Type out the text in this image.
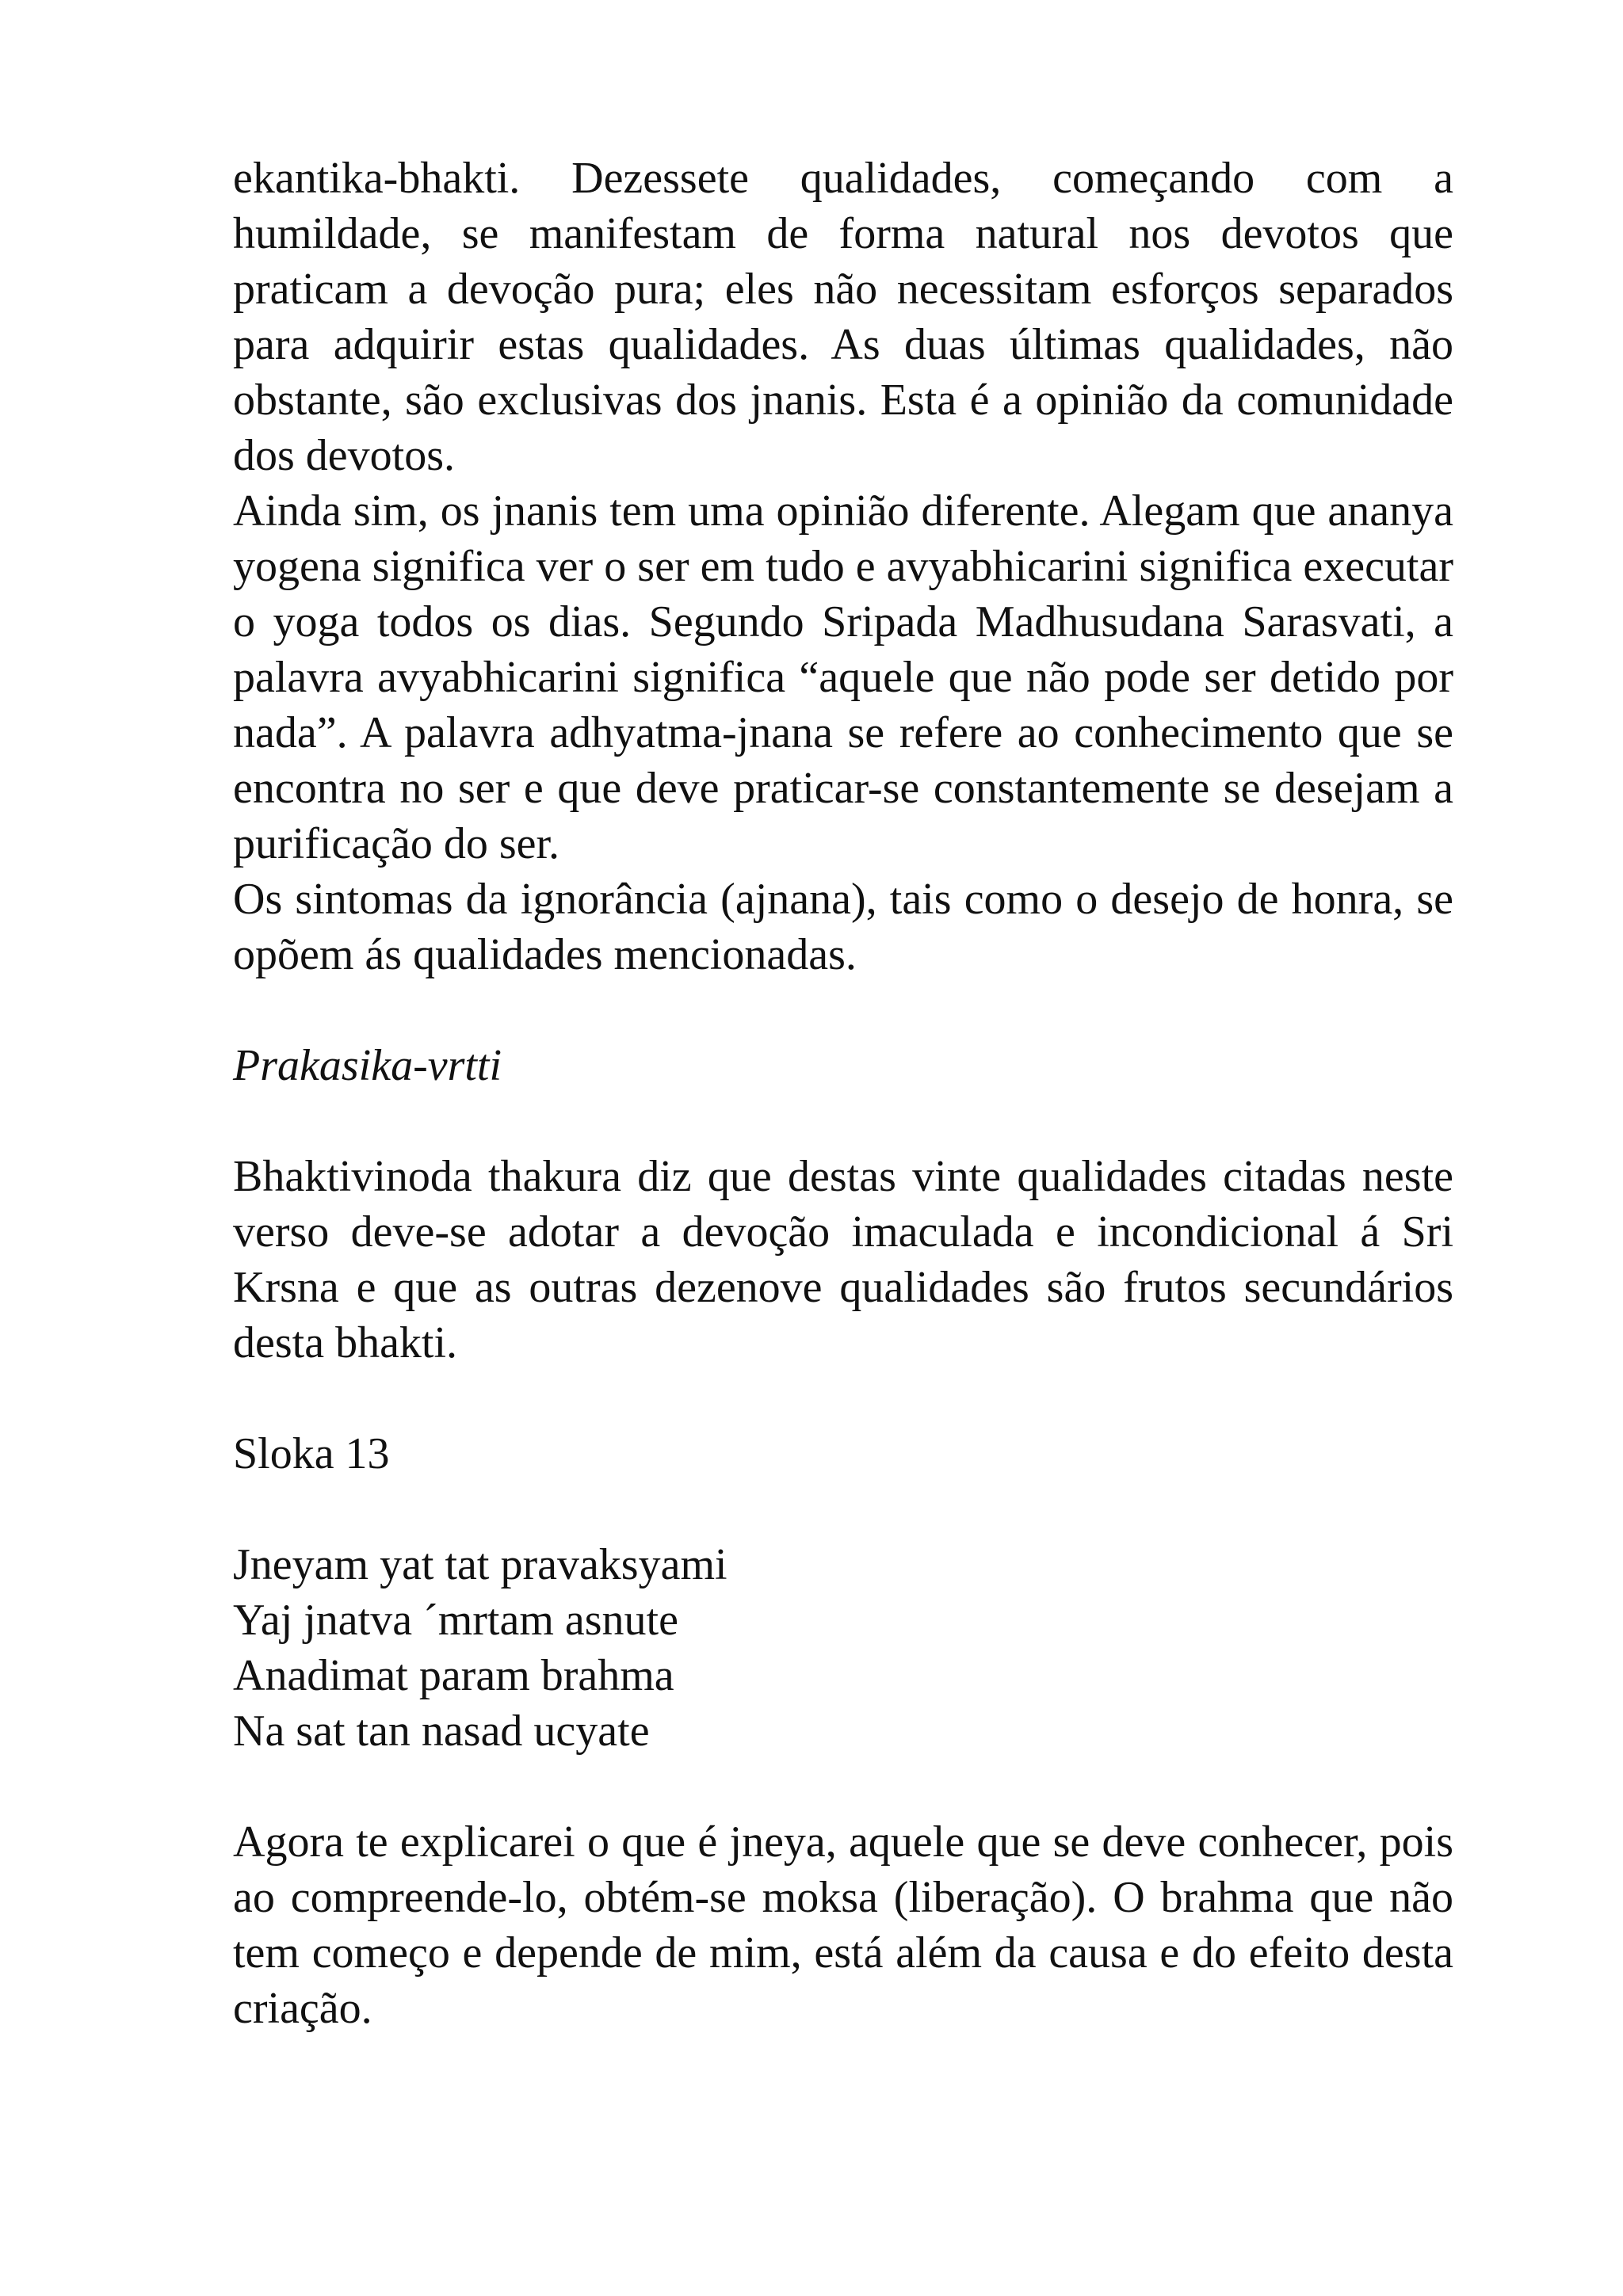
ekantika-bhakti. Dezessete qualidades, começando com a humildade, se manifestam de forma natural nos devotos que praticam a devoção pura; eles não necessitam esforços separados para adquirir estas qualidades. As duas últimas qualidades, não obstante, são exclusivas dos jnanis. Esta é a opinião da comunidade dos devotos.

Ainda sim, os jnanis tem uma opinião diferente. Alegam que ananya yogena significa ver o ser em tudo e avyabhicarini significa executar o yoga todos os dias. Segundo Sripada Madhusudana Sarasvati, a palavra avyabhicarini significa “aquele que não pode ser detido por nada”. A palavra adhyatma-jnana se refere ao conhecimento que se encontra no ser e que deve praticar-se constantemente se desejam a purificação do ser.

Os sintomas da ignorância (ajnana), tais como o desejo de honra, se opõem ás qualidades mencionadas.

Prakasika-vrtti

Bhaktivinoda thakura diz que destas vinte qualidades citadas neste verso deve-se adotar a devoção imaculada e incondicional á Sri Krsna e que as outras dezenove qualidades são frutos secundários desta bhakti.

Sloka 13

Jneyam yat tat pravaksyami

Yaj jnatva ´mrtam asnute

Anadimat param brahma

Na sat tan nasad ucyate

Agora te explicarei o que é jneya, aquele que se deve conhecer, pois ao compreende-lo, obtém-se moksa (liberação). O brahma que não tem começo e depende de mim, está além da causa e do efeito desta criação.
